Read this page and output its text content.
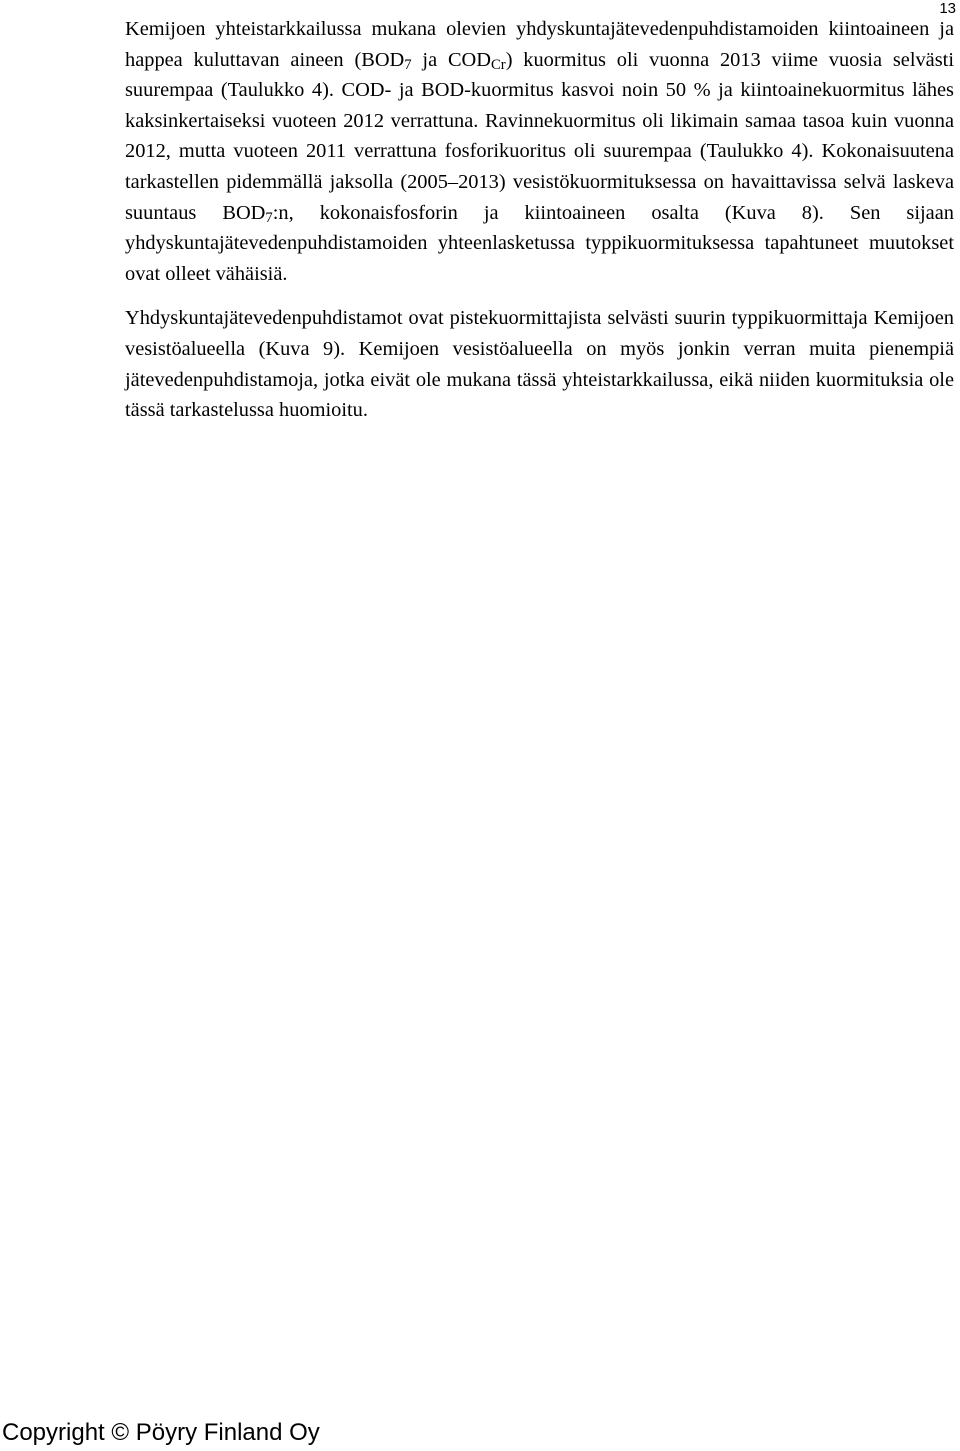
13

Kemijoen yhteistarkkailussa mukana olevien yhdyskuntajätevedenpuhdistamoiden kiintoaineen ja happea kuluttavan aineen ($BOD_7$ ja $COD_{Cr}$) kuormitus oli vuonna 2013 viime vuosia selvästi suurempaa (Taulukko 4). COD- ja BOD-kuormitus kasvoi noin 50 % ja kiintoainekuormitus lähes kaksinkertaiseksi vuoteen 2012 verrattuna. Ravinnekuormitus oli likimain samaa tasoa kuin vuonna 2012, mutta vuoteen 2011 verrattuna fosforikuoritus oli suurempaa (Taulukko 4). Kokonaisuutena tarkastellen pidemmällä jaksolla (2005–2013) vesistökuormituksessa on havaittavissa selvä laskeva suuntaus $BOD_7:n$, kokonaisfosforin ja kiintoaineen osalta (Kuva 8). Sen sijaan yhdyskuntajätevedenpuhdistamoiden yhteenlasketussa typpikuormituksessa tapahtuneet muutokset ovat olleet vähäisiä.

Yhdyskuntajätevedenpuhdistamot ovat pistekuormittajista selvästi suurin typpikuormittaja Kemijoen vesistöalueella (Kuva 9). Kemijoen vesistöalueella on myös jonkin verran muita pienempiä jätevedenpuhdistamoja, jotka eivät ole mukana tässä yhteistarkkailussa, eikä niiden kuormituksia ole tässä tarkastelussa huomioitu.

Copyright © Pöyry Finland Oy
